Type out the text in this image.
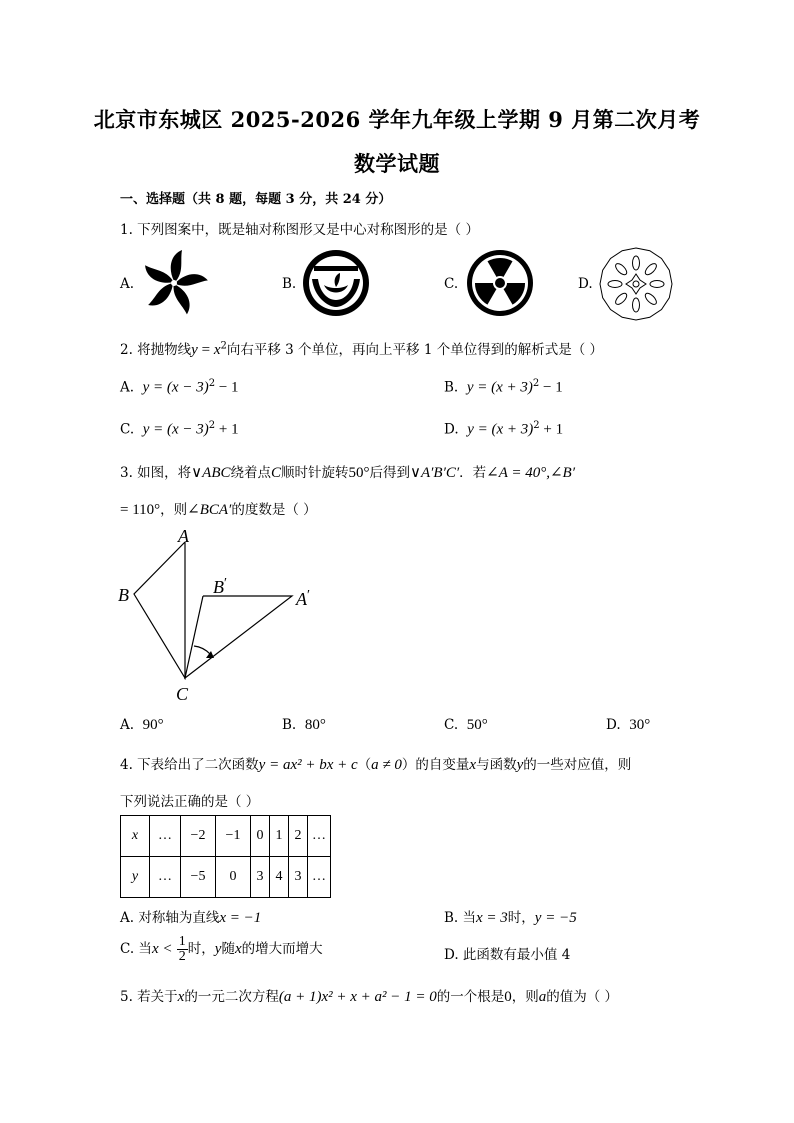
北京市东城区 2025-2026 学年九年级上学期 9 月第二次月考
数学试题
一、选择题（共 8 题，每题 3 分，共 24 分）
1. 下列图案中，既是轴对称图形又是中心对称图形的是（ ）
A.	B.	C.	D.
2. 将抛物线$y = x^2$向右平移 3 个单位，再向上平移 1 个单位得到的解析式是（ ）
A. $y = (x - 3)^2 - 1$	B. $y = (x + 3)^2 - 1$
C. $y = (x - 3)^2 + 1$	D. $y = (x + 3)^2 + 1$
3. 如图，将∨ABC绕着点C顺时针旋转50°后得到∨A′B′C′．若∠A = 40°,∠B′
= 110°，则∠BCA′的度数是（ ）
A
B
C
B′
A′
A. 90°	B. 80°	C. 50°	D. 30°
4. 下表给出了二次函数y = ax² + bx + c（a ≠ 0）的自变量x与函数y的一些对应值，则
下列说法正确的是（ ）
x	…	−2	−1	0	1	2	…
y	…	−5	0	3	4	3	…
A. 对称轴为直线x = −1	B. 当x = 3时，y = −5
C. 当$x < \frac{1}{2}$ 时，y随x的增大而增大	D. 此函数有最小值 4
5. 若关于x的一元二次方程(a + 1)x² + x + a² − 1 = 0的一个根是0，则a的值为（ ）
